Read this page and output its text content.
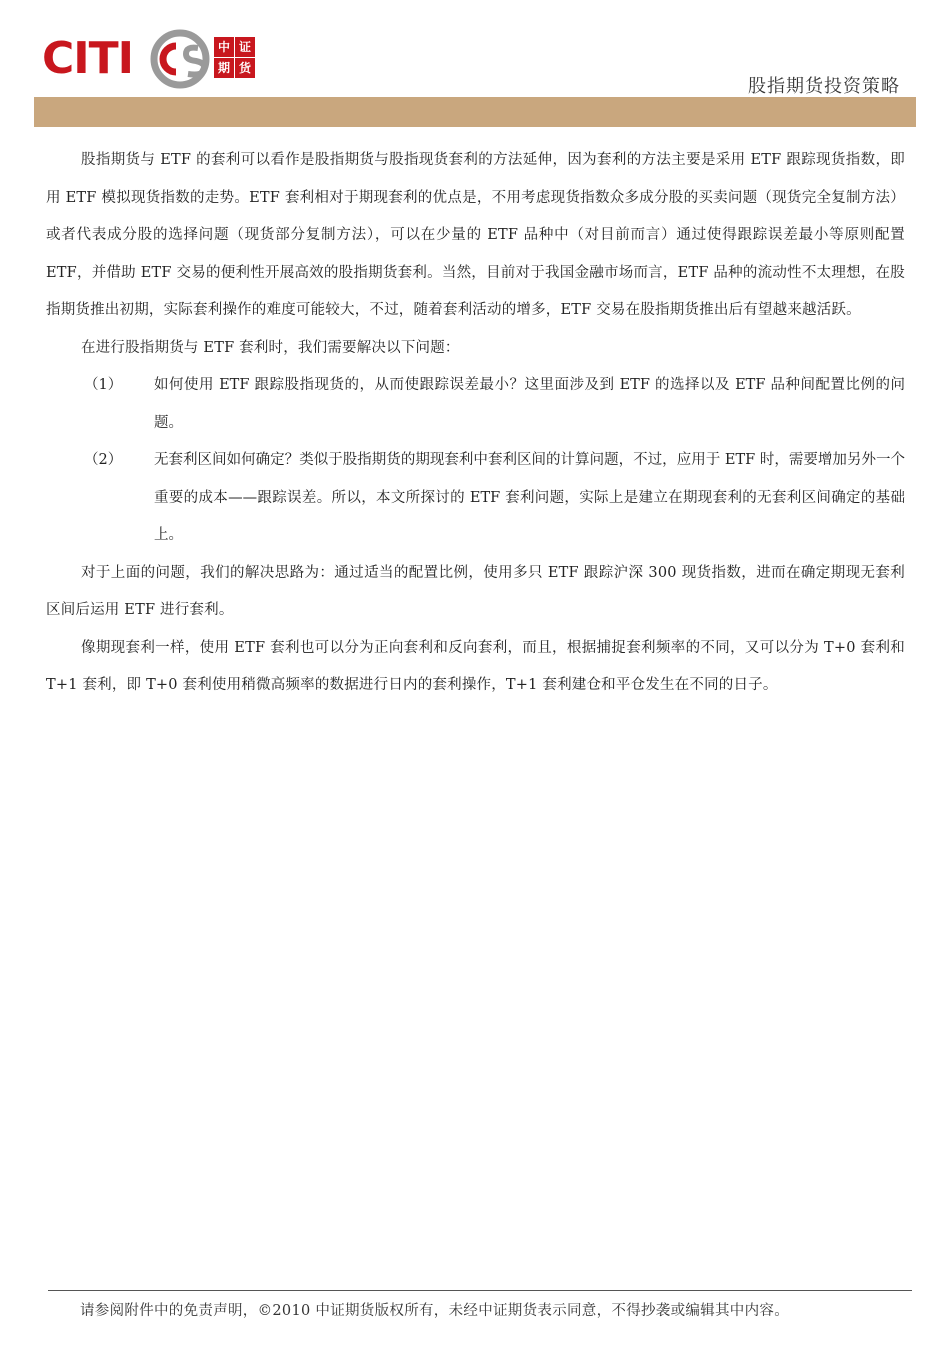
CITI	中 证
期 货
股指期货投资策略

股指期货与 ETF 的套利可以看作是股指期货与股指现货套利的方法延伸，因为套利的方法主要是采用 ETF 跟踪现货指数，即用 ETF 模拟现货指数的走势。ETF 套利相对于期现套利的优点是，不用考虑现货指数众多成分股的买卖问题（现货完全复制方法）或者代表成分股的选择问题（现货部分复制方法），可以在少量的 ETF 品种中（对目前而言）通过使得跟踪误差最小等原则配置 ETF，并借助 ETF 交易的便利性开展高效的股指期货套利。当然，目前对于我国金融市场而言，ETF 品种的流动性不太理想，在股指期货推出初期，实际套利操作的难度可能较大，不过，随着套利活动的增多，ETF 交易在股指期货推出后有望越来越活跃。

在进行股指期货与 ETF 套利时，我们需要解决以下问题：

（1） 如何使用 ETF 跟踪股指现货的，从而使跟踪误差最小？这里面涉及到 ETF 的选择以及 ETF 品种间配置比例的问题。
（2） 无套利区间如何确定？类似于股指期货的期现套利中套利区间的计算问题，不过，应用于 ETF 时，需要增加另外一个重要的成本——跟踪误差。所以，本文所探讨的 ETF 套利问题，实际上是建立在期现套利的无套利区间确定的基础上。

对于上面的问题，我们的解决思路为：通过适当的配置比例，使用多只 ETF 跟踪沪深 300 现货指数，进而在确定期现无套利区间后运用 ETF 进行套利。

像期现套利一样，使用 ETF 套利也可以分为正向套利和反向套利，而且，根据捕捉套利频率的不同，又可以分为 T+0 套利和 T+1 套利，即 T+0 套利使用稍微高频率的数据进行日内的套利操作，T+1 套利建仓和平仓发生在不同的日子。

请参阅附件中的免责声明，©2010 中证期货版权所有，未经中证期货表示同意，不得抄袭或编辑其中内容。
